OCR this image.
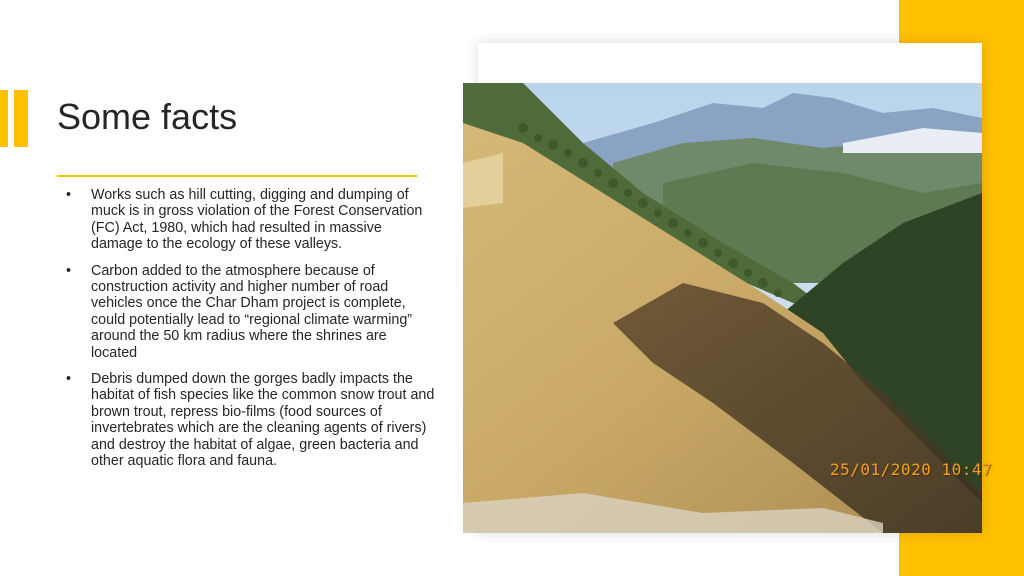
Some facts
• Works such as hill cutting, digging and dumping of muck is in gross violation of the Forest Conservation (FC) Act, 1980, which had resulted in massive damage to the ecology of these valleys.
• Carbon added to the atmosphere because of construction activity and higher number of road vehicles once the Char Dham project is complete, could potentially lead to “regional climate warming” around the 50 km radius where the shrines are located
• Debris dumped down the gorges badly impacts the habitat of fish species like the common snow trout and brown trout, repress bio-films (food sources of invertebrates which are the cleaning agents of rivers) and destroy the habitat of algae, green bacteria and other aquatic flora and fauna.	25/01/2020 10:47
